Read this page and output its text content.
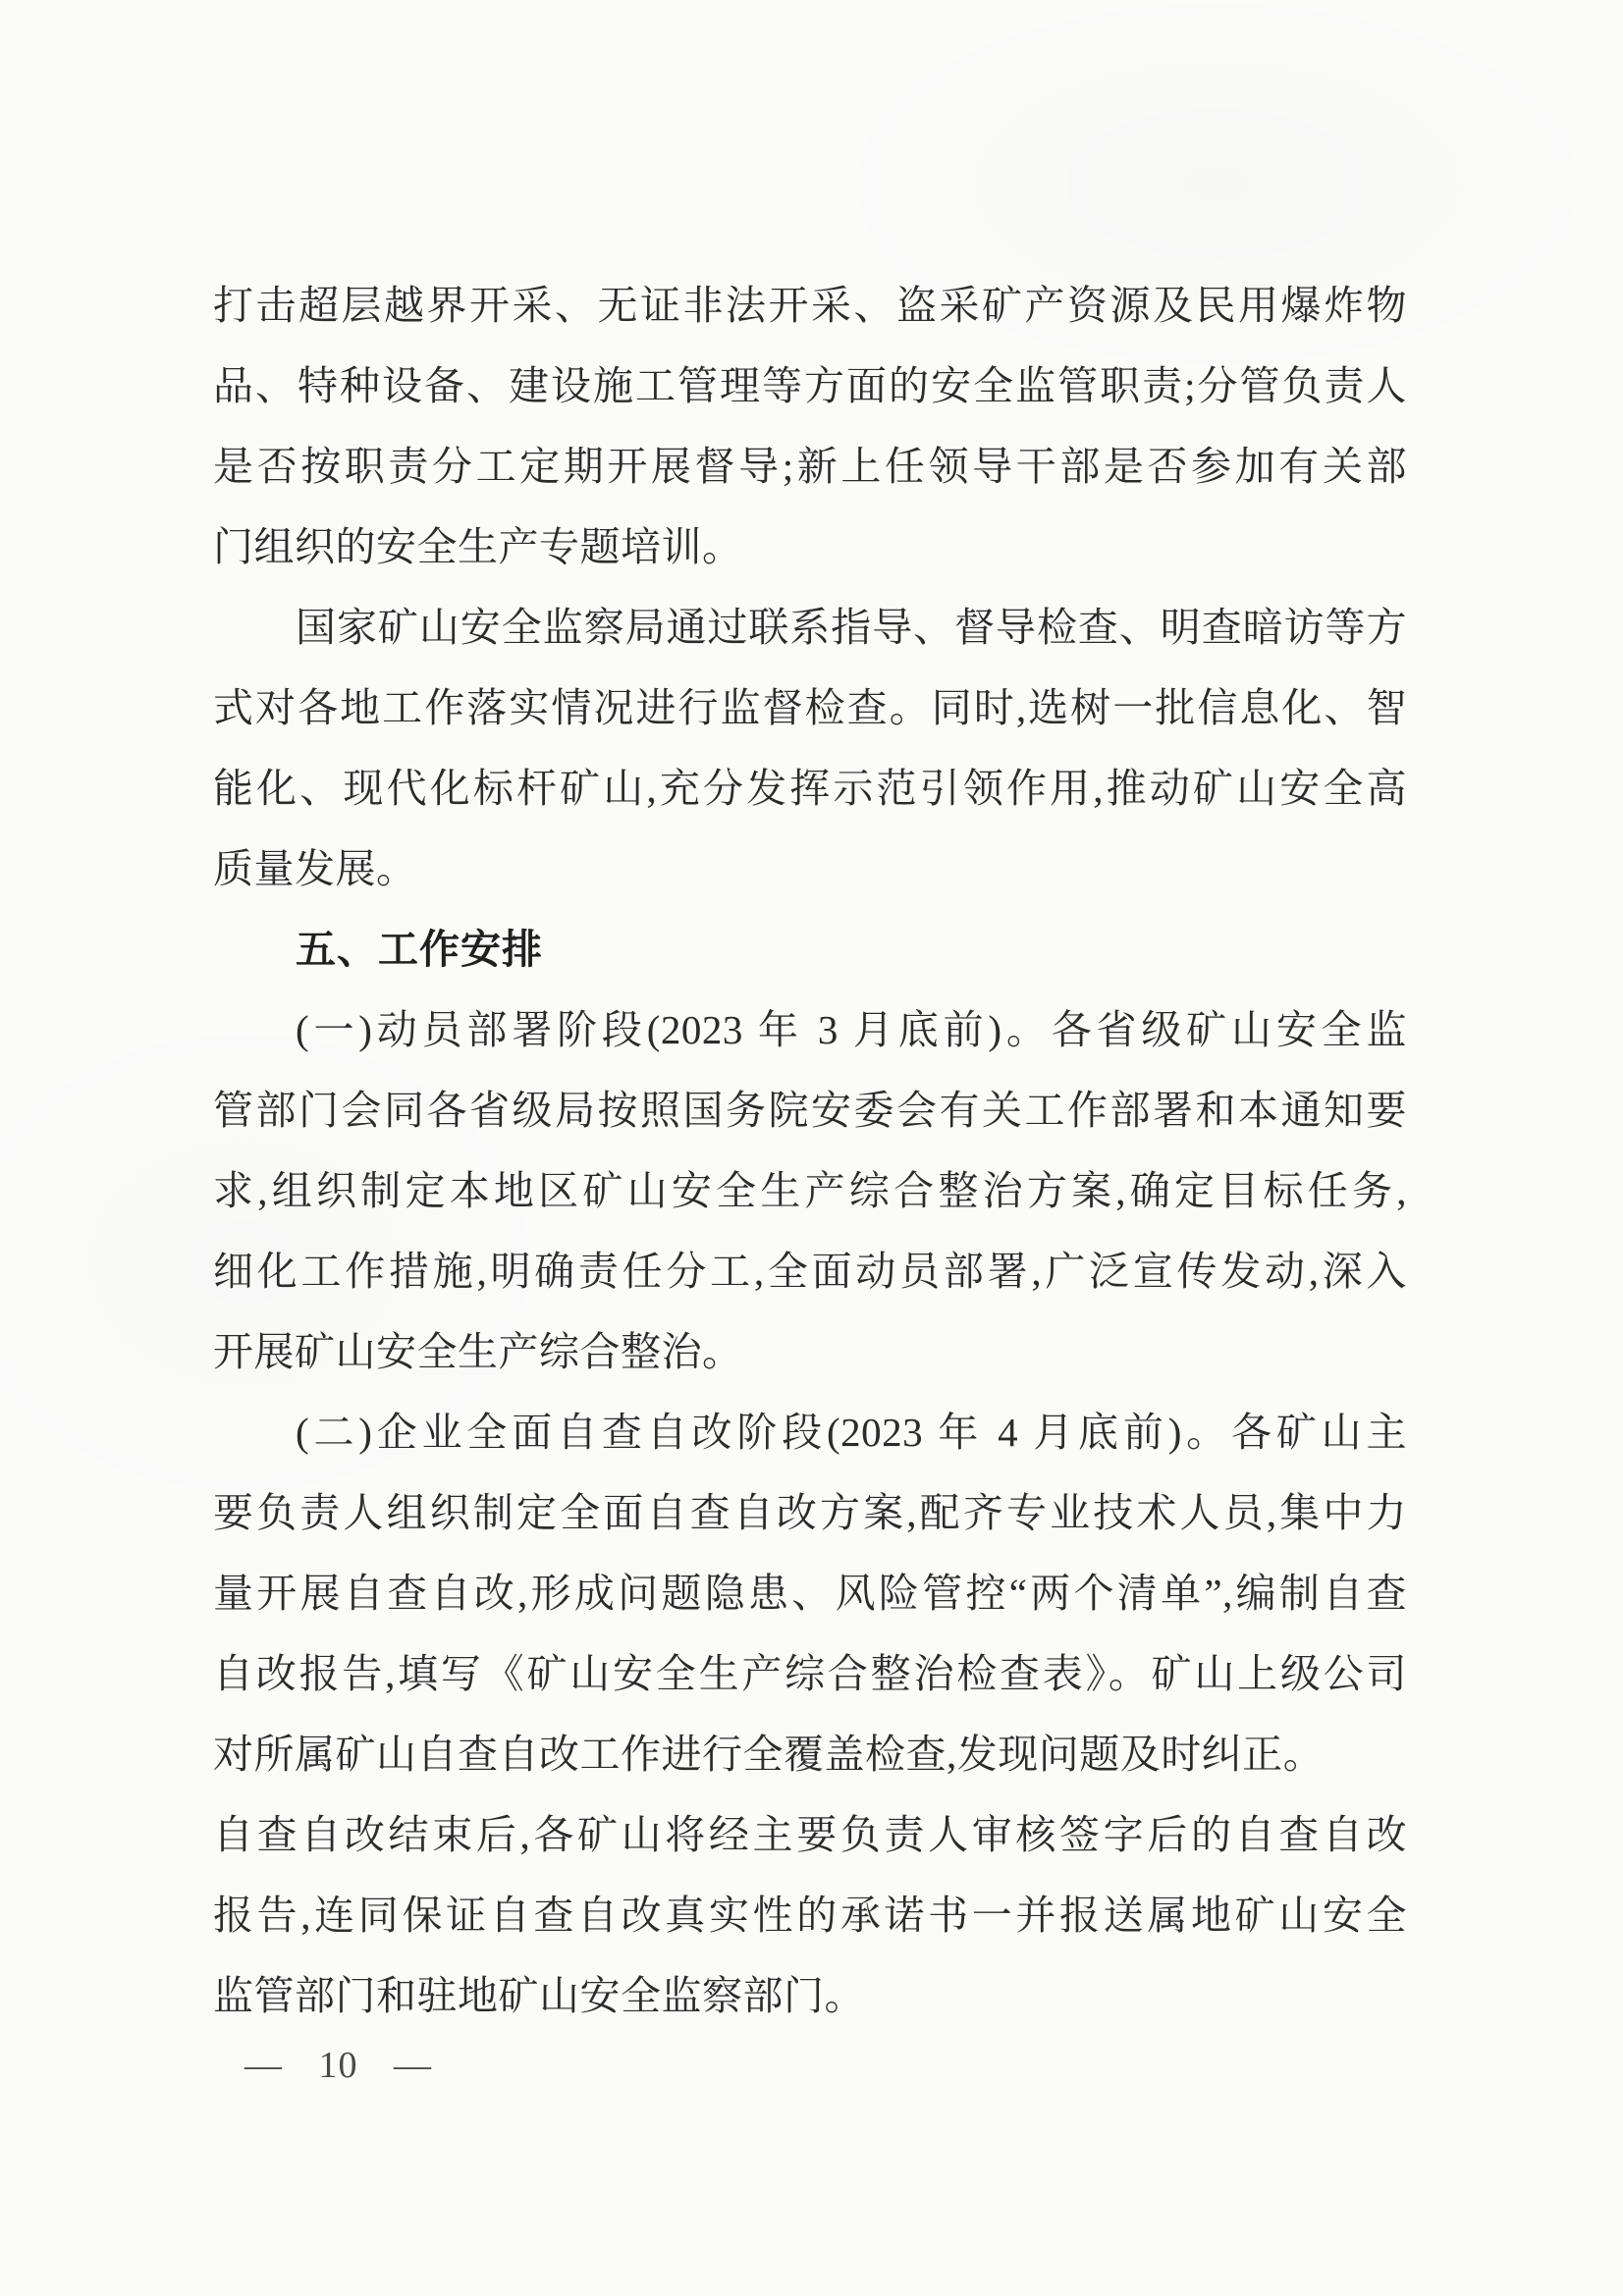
打击超层越界开采、无证非法开采、盗采矿产资源及民用爆炸物
品、特种设备、建设施工管理等方面的安全监管职责;分管负责人
是否按职责分工定期开展督导;新上任领导干部是否参加有关部
门组织的安全生产专题培训。
国家矿山安全监察局通过联系指导、督导检查、明查暗访等方
式对各地工作落实情况进行监督检查。同时,选树一批信息化、智
能化、现代化标杆矿山,充分发挥示范引领作用,推动矿山安全高
质量发展。
五、工作安排
(一)动员部署阶段(2023 年 3 月底前)。各省级矿山安全监
管部门会同各省级局按照国务院安委会有关工作部署和本通知要
求,组织制定本地区矿山安全生产综合整治方案,确定目标任务,
细化工作措施,明确责任分工,全面动员部署,广泛宣传发动,深入
开展矿山安全生产综合整治。
(二)企业全面自查自改阶段(2023 年 4 月底前)。各矿山主
要负责人组织制定全面自查自改方案,配齐专业技术人员,集中力
量开展自查自改,形成问题隐患、风险管控“两个清单”,编制自查
自改报告,填写《矿山安全生产综合整治检查表》。矿山上级公司
对所属矿山自查自改工作进行全覆盖检查,发现问题及时纠正。
自查自改结束后,各矿山将经主要负责人审核签字后的自查自改
报告,连同保证自查自改真实性的承诺书一并报送属地矿山安全
监管部门和驻地矿山安全监察部门。
— 10 —
